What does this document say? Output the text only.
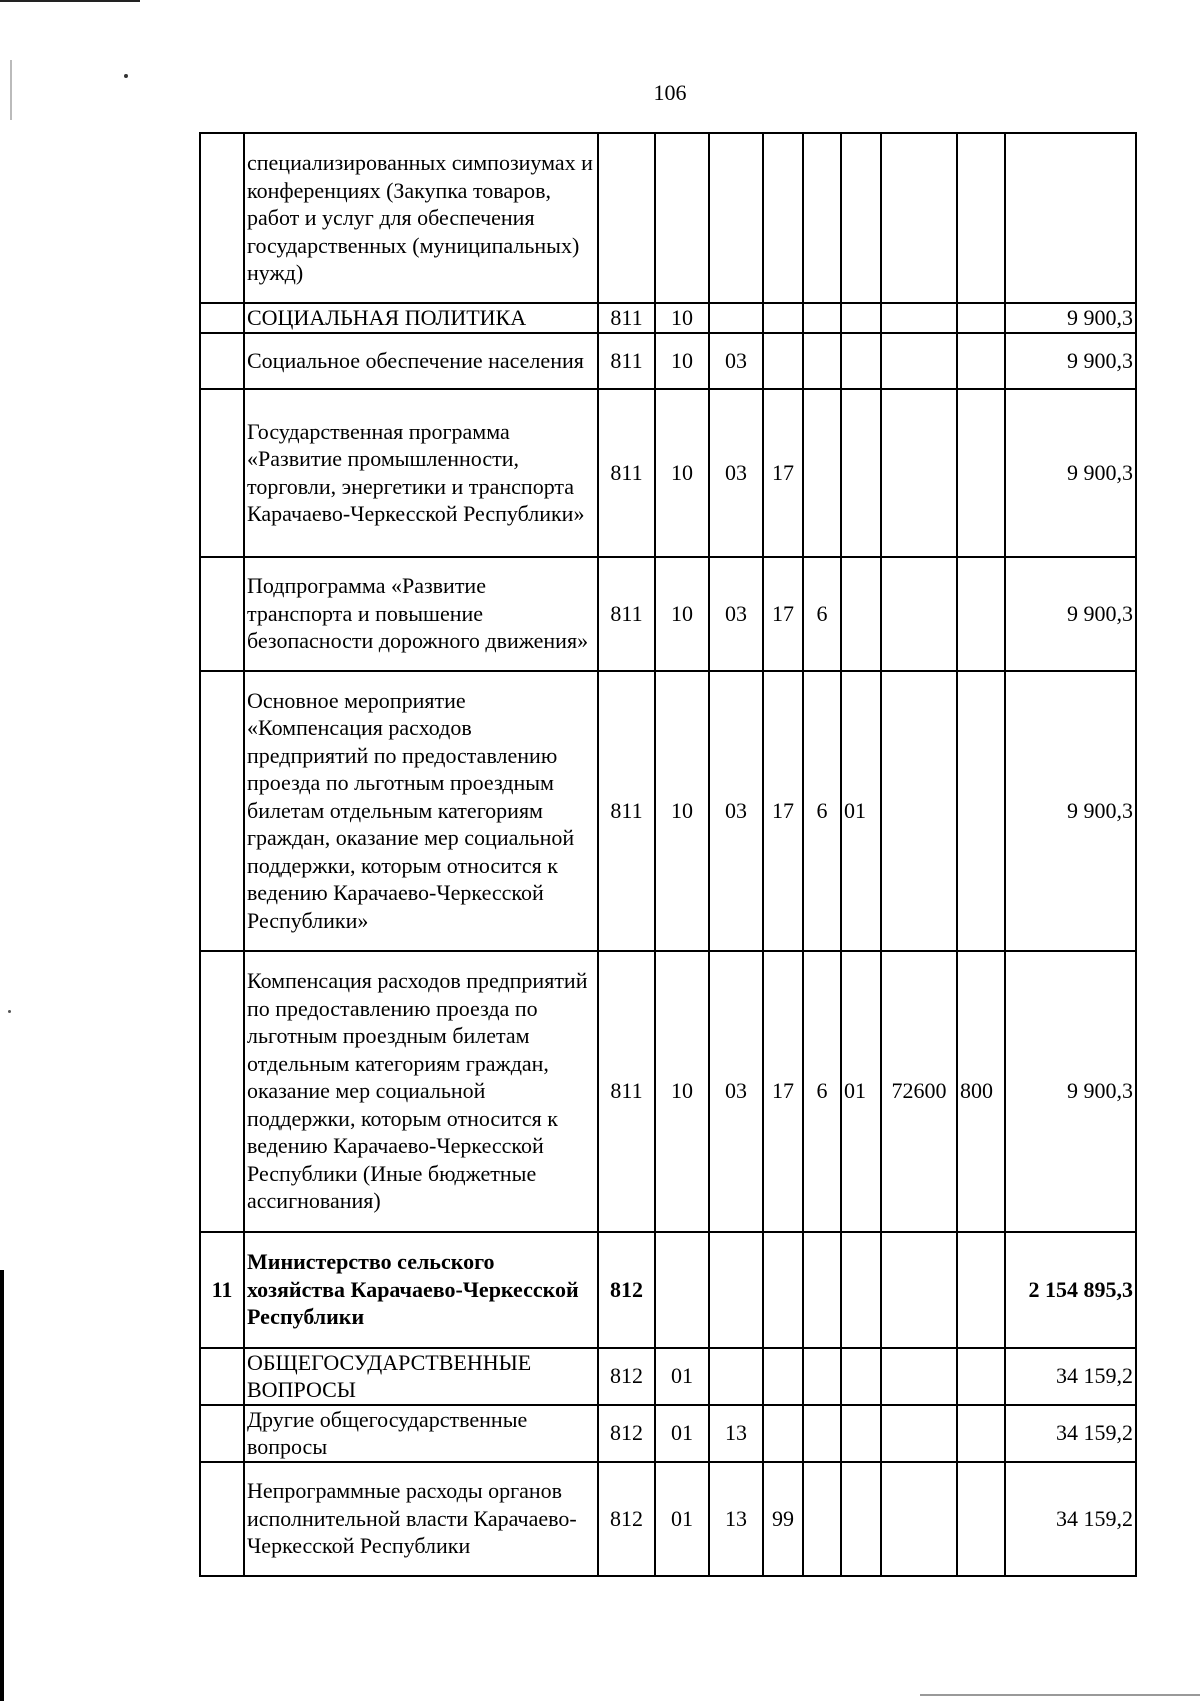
106
	специализированных симпозиумах и конференциях (Закупка товаров, работ и услуг для обеспечения государственных (муниципальных) нужд)									
	СОЦИАЛЬНАЯ ПОЛИТИКА	811	10							9 900,3
	Социальное обеспечение населения	811	10	03						9 900,3
	Государственная программа «Развитие промышленности, торговли, энергетики и транспорта Карачаево-Черкесской Республики»	811	10	03	17					9 900,3
	Подпрограмма «Развитие транспорта и повышение безопасности дорожного движения»	811	10	03	17	6				9 900,3
	Основное мероприятие «Компенсация расходов предприятий по предоставлению проезда по льготным проездным билетам отдельным категориям граждан, оказание мер социальной поддержки, которым относится к ведению Карачаево-Черкесской Республики»	811	10	03	17	6	01			9 900,3
	Компенсация расходов предприятий по предоставлению проезда по льготным проездным билетам отдельным категориям граждан, оказание мер социальной поддержки, которым относится к ведению Карачаево-Черкесской Республики (Иные бюджетные ассигнования)	811	10	03	17	6	01	72600	800	9 900,3
11	Министерство сельского хозяйства Карачаево-Черкесской Республики	812								2 154 895,3
	ОБЩЕГОСУДАРСТВЕННЫЕ ВОПРОСЫ	812	01							34 159,2
	Другие общегосударственные вопросы	812	01	13						34 159,2
	Непрограммные расходы органов исполнительной власти Карачаево-Черкесской Республики	812	01	13	99					34 159,2
